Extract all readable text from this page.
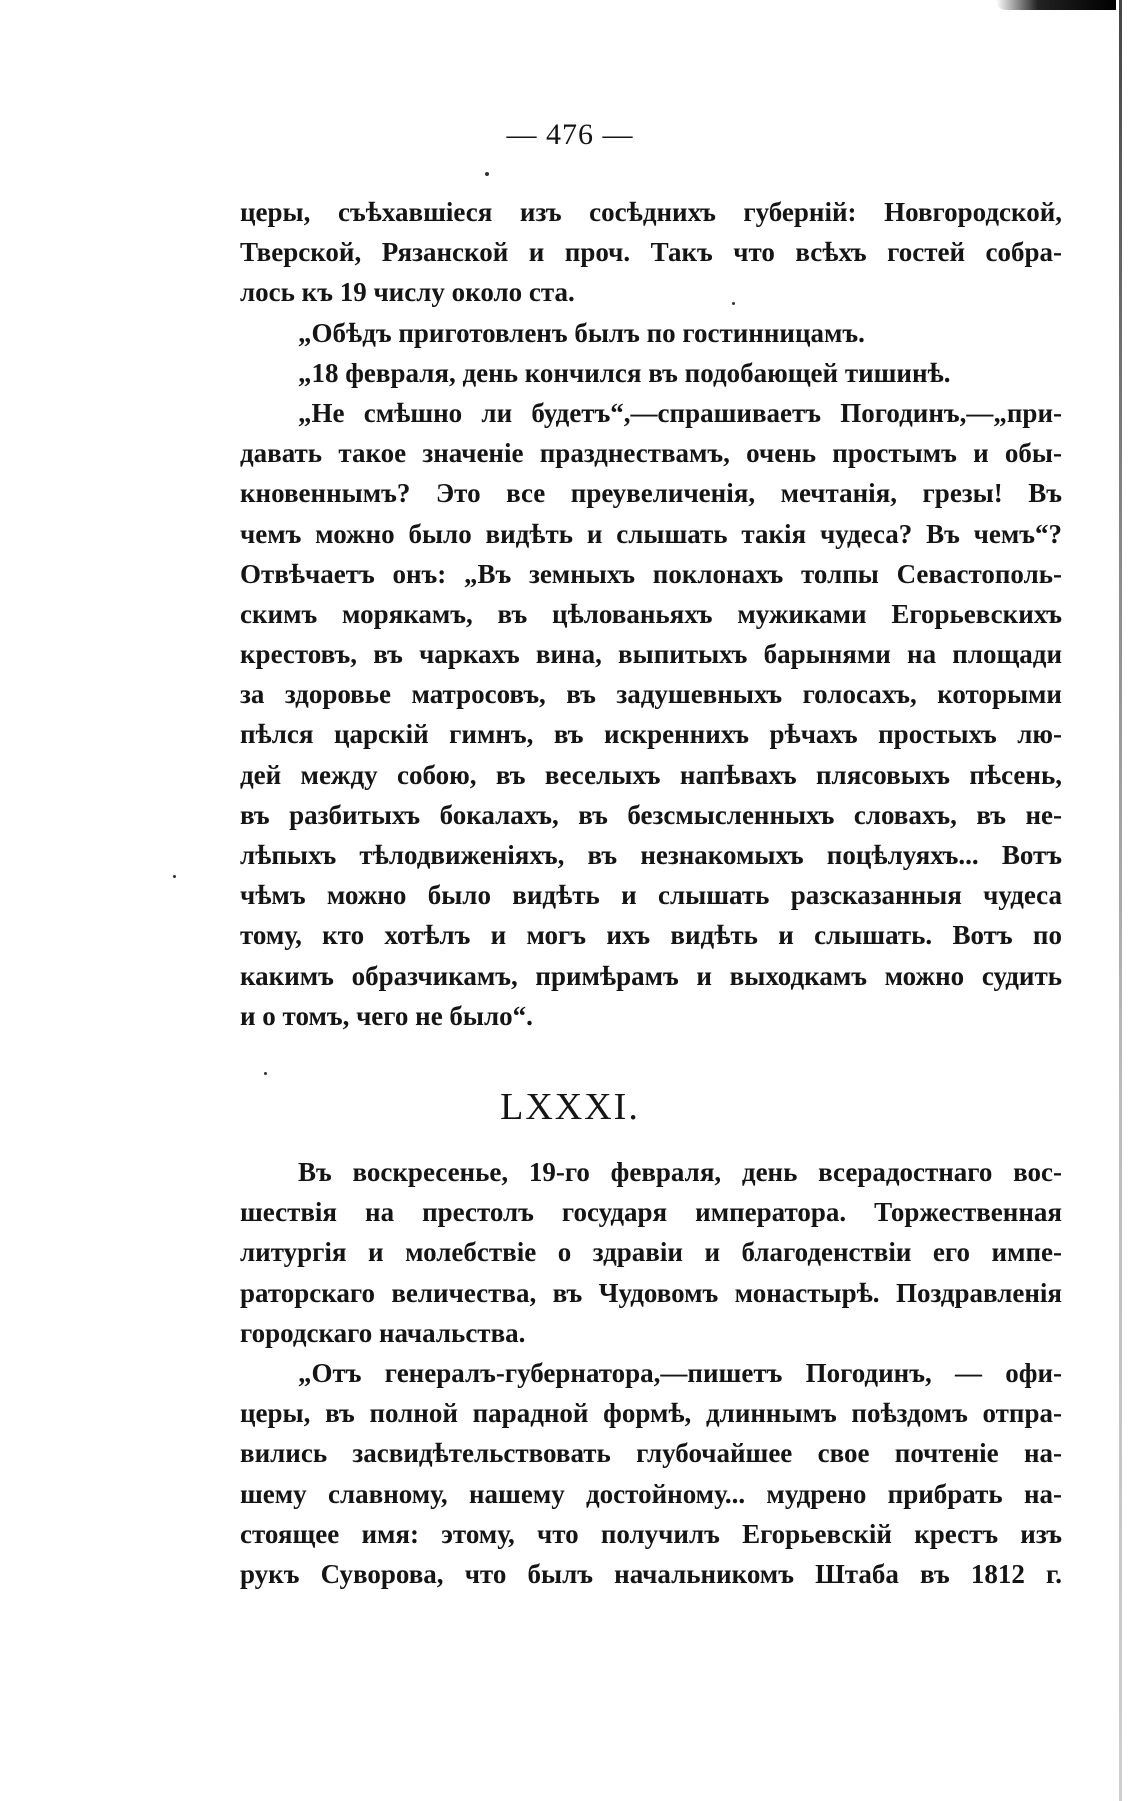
— 476 —
церы, съѣхавшiеся изъ сосѣднихъ губернiй: Новгородской,
Тверской, Рязанской и проч. Такъ что всѣхъ гостей собра-
лось къ 19 числу около ста.
„Обѣдъ приготовленъ былъ по гостинницамъ.
„18 февраля, день кончился въ подобающей тишинѣ.
„Не смѣшно ли будетъ“,—спрашиваетъ Погодинъ,—„при-
давать такое значенiе празднествамъ, очень простымъ и обы-
кновеннымъ? Это все преувеличенiя, мечтанiя, грезы! Въ
чемъ можно было видѣть и слышать такiя чудеса? Въ чемъ“?
Отвѣчаетъ онъ: „Въ земныхъ поклонахъ толпы Севастополь-
скимъ морякамъ, въ цѣлованьяхъ мужиками Егорьевскихъ
крестовъ, въ чаркахъ вина, выпитыхъ барынями на площади
за здоровье матросовъ, въ задушевныхъ голосахъ, которыми
пѣлся царскiй гимнъ, въ искреннихъ рѣчахъ простыхъ лю-
дей между собою, въ веселыхъ напѣвахъ плясовыхъ пѣсень,
въ разбитыхъ бокалахъ, въ безсмысленныхъ словахъ, въ не-
лѣпыхъ тѣлодвиженiяхъ, въ незнакомыхъ поцѣлуяхъ... Вотъ
чѣмъ можно было видѣть и слышать разсказанныя чудеса
тому, кто хотѣлъ и могъ ихъ видѣть и слышать. Вотъ по
какимъ образчикамъ, примѣрамъ и выходкамъ можно судить
и о томъ, чего не было“.
LXXXI.
Въ воскресенье, 19-го февраля, день всерадостнаго вос-
шествiя на престолъ государя императора. Торжественная
литургiя и молебствiе о здравiи и благоденствiи его импе-
раторскаго величества, въ Чудовомъ монастырѣ. Поздравленiя
городскаго начальства.
„Отъ генералъ-губернатора,—пишетъ Погодинъ, — офи-
церы, въ полной парадной формѣ, длиннымъ поѣздомъ отпра-
вились засвидѣтельствовать глубочайшее свое почтенiе на-
шему славному, нашему достойному... мудрено прибрать на-
стоящее имя: этому, что получилъ Егорьевскiй крестъ изъ
рукъ Суворова, что былъ начальникомъ Штаба въ 1812 г.
